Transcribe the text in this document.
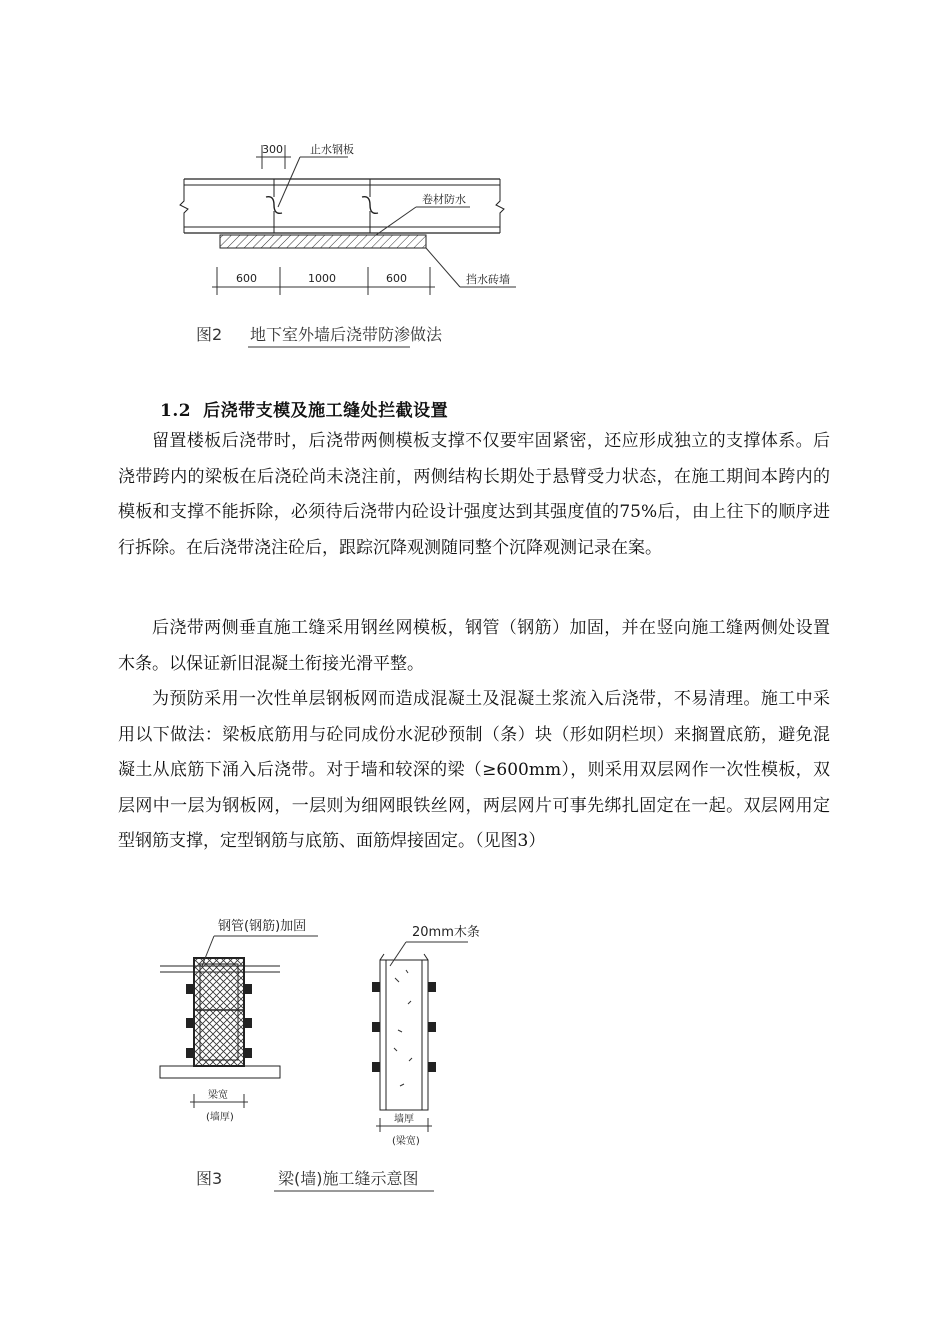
300 止水钢板
卷材防水
600	1000	600	挡水砖墙
图2 地下室外墙后浇带防渗做法
1.2 后浇带支模及施工缝处拦截设置

留置楼板后浇带时，后浇带两侧模板支撑不仅要牢固紧密，还应形成独立的支撑体系。后浇带跨内的梁板在后浇砼尚未浇注前，两侧结构长期处于悬臂受力状态，在施工期间本跨内的模板和支撑不能拆除，必须待后浇带内砼设计强度达到其强度值的75%后，由上往下的顺序进行拆除。在后浇带浇注砼后，跟踪沉降观测随同整个沉降观测记录在案。

后浇带两侧垂直施工缝采用钢丝网模板，钢管（钢筋）加固，并在竖向施工缝两侧处设置木条。以保证新旧混凝土衔接光滑平整。

为预防采用一次性单层钢板网而造成混凝土及混凝土浆流入后浇带，不易清理。施工中采用以下做法：梁板底筋用与砼同成份水泥砂预制（条）块（形如阴栏坝）来搁置底筋，避免混凝土从底筋下涌入后浇带。对于墙和较深的梁（≥600mm），则采用双层网作一次性模板，双层网中一层为钢板网，一层则为细网眼铁丝网，两层网片可事先绑扎固定在一起。双层网用定型钢筋支撑，定型钢筋与底筋、面筋焊接固定。（见图3）

梁宽
(墙厚)
钢管(钢筋)加固
墙厚
(梁宽)
20mm木条
图3	梁(墙)施工缝示意图
